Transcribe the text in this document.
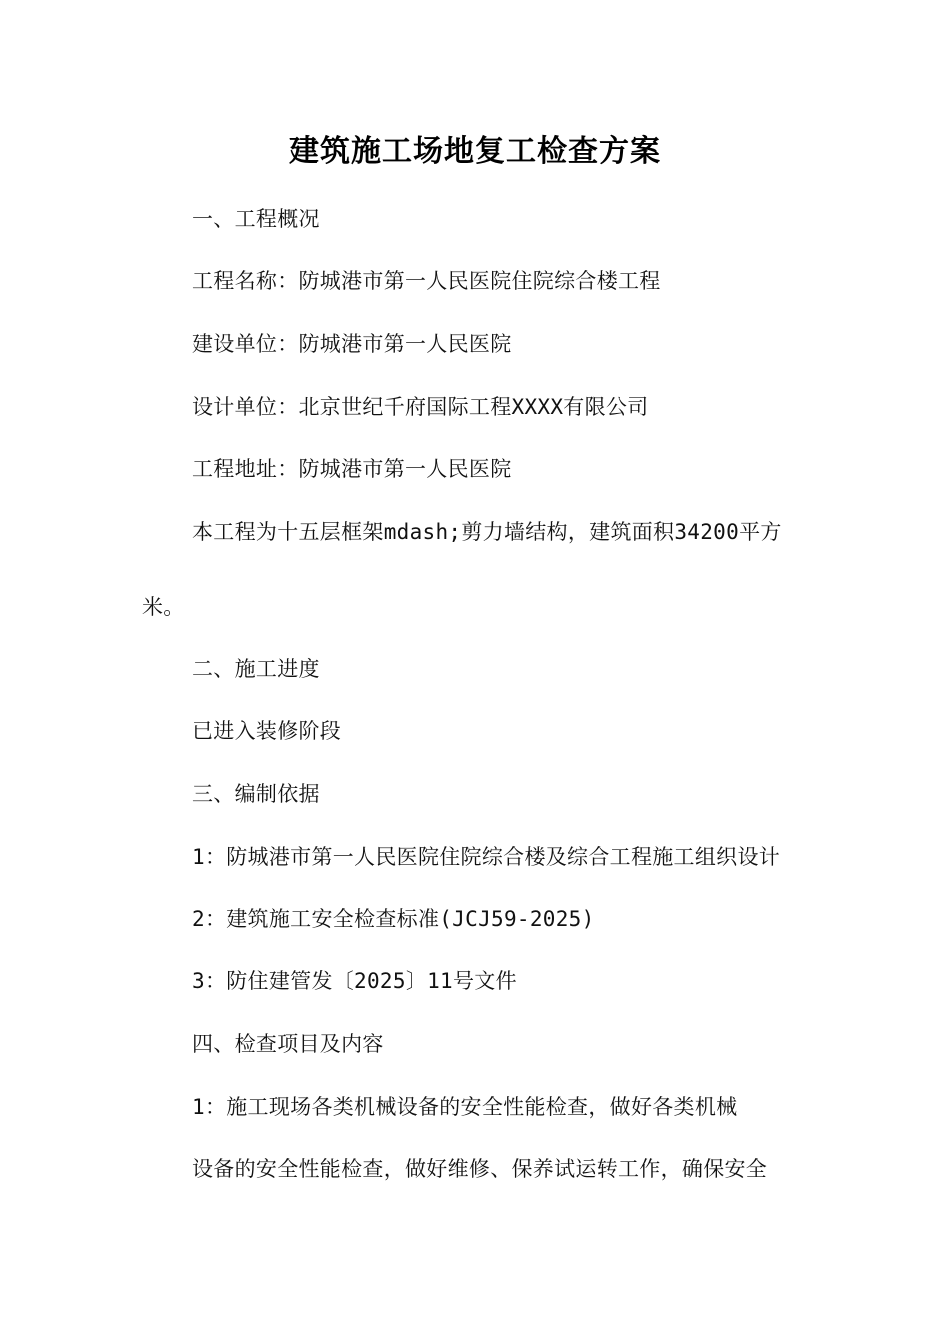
建筑施工场地复工检查方案
一、工程概况
工程名称：防城港市第一人民医院住院综合楼工程
建设单位：防城港市第一人民医院
设计单位：北京世纪千府国际工程XXXX有限公司
工程地址：防城港市第一人民医院
本工程为十五层框架mdash;剪力墙结构，建筑面积34200平方
米。
二、施工进度
已进入装修阶段
三、编制依据
1：防城港市第一人民医院住院综合楼及综合工程施工组织设计
2：建筑施工安全检查标准(JCJ59-2025)
3：防住建管发〔2025〕11号文件
四、检查项目及内容
1：施工现场各类机械设备的安全性能检查，做好各类机械
设备的安全性能检查，做好维修、保养试运转工作，确保安全
